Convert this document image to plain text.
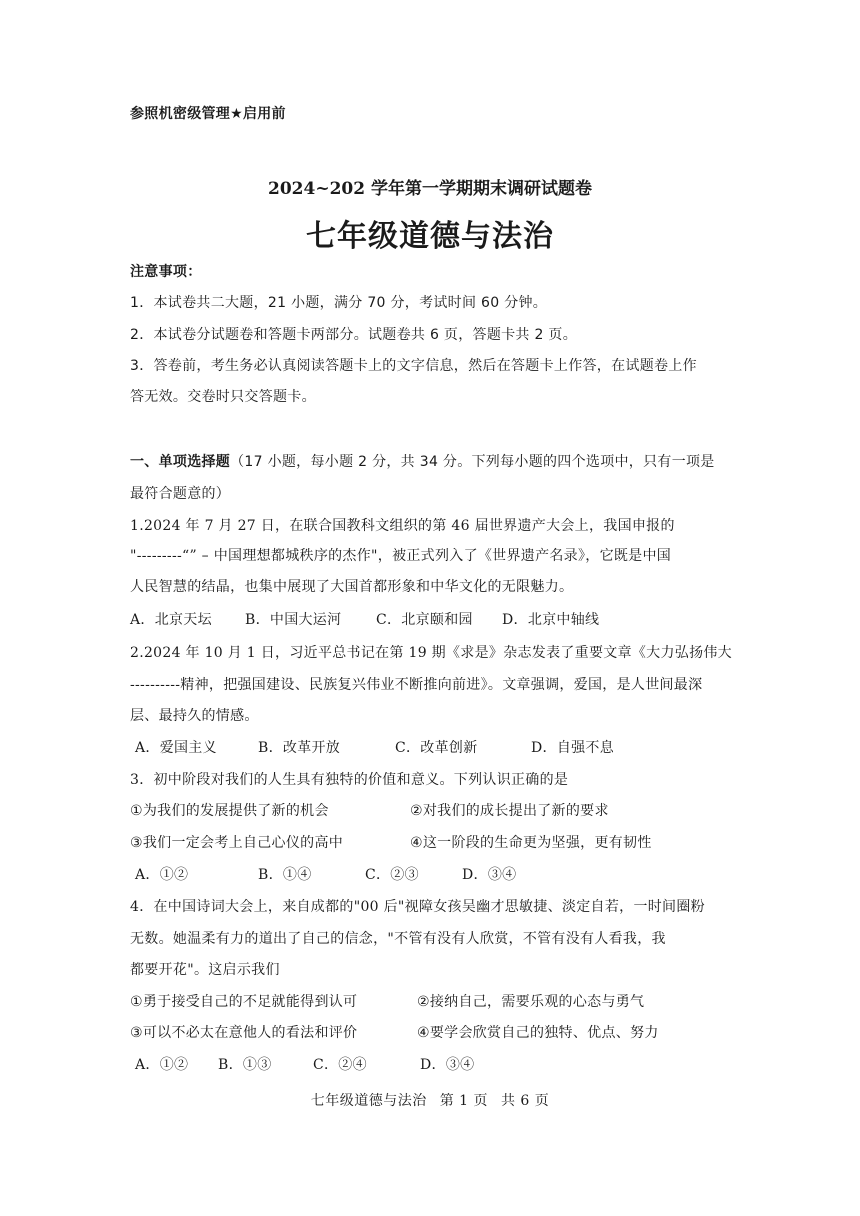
参照机密级管理★启用前
2024~202 学年第一学期期末调研试题卷
七年级道德与法治
注意事项：
1．本试卷共二大题，21 小题，满分 70 分，考试时间 60 分钟。
2．本试卷分试题卷和答题卡两部分。试题卷共 6 页，答题卡共 2 页。
3．答卷前，考生务必认真阅读答题卡上的文字信息，然后在答题卡上作答，在试题卷上作
答无效。交卷时只交答题卡。
一、单项选择题（17 小题，每小题 2 分，共 34 分。下列每小题的四个选项中，只有一项是
最符合题意的）
1.2024 年 7 月 27 日，在联合国教科文组织的第 46 届世界遗产大会上，我国申报的
"---------“” – 中国理想都城秩序的杰作"，被正式列入了《世界遗产名录》，它既是中国
人民智慧的结晶，也集中展现了大国首都形象和中华文化的无限魅力。
A．北京天坛	B．中国大运河	C．北京颐和园	D．北京中轴线
2.2024 年 10 月 1 日，习近平总书记在第 19 期《求是》杂志发表了重要文章《大力弘扬伟大
----------精神，把强国建设、民族复兴伟业不断推向前进》。文章强调，爱国，是人世间最深
层、最持久的情感。
A．爱国主义	B．改革开放	C．改革创新	D．自强不息
3．初中阶段对我们的人生具有独特的价值和意义。下列认识正确的是
①为我们的发展提供了新的机会	②对我们的成长提出了新的要求
③我们一定会考上自己心仪的高中	④这一阶段的生命更为坚强，更有韧性
A．①②	B．①④	C．②③	D．③④
4．在中国诗词大会上，来自成都的"00 后"视障女孩吴幽才思敏捷、淡定自若，一时间圈粉
无数。她温柔有力的道出了自己的信念，"不管有没有人欣赏，不管有没有人看我，我
都要开花"。这启示我们
①勇于接受自己的不足就能得到认可	②接纳自己，需要乐观的心态与勇气
③可以不必太在意他人的看法和评价	④要学会欣赏自己的独特、优点、努力
A．①②	B．①③	C．②④	D．③④
七年级道德与法治 第 1 页 共 6 页
